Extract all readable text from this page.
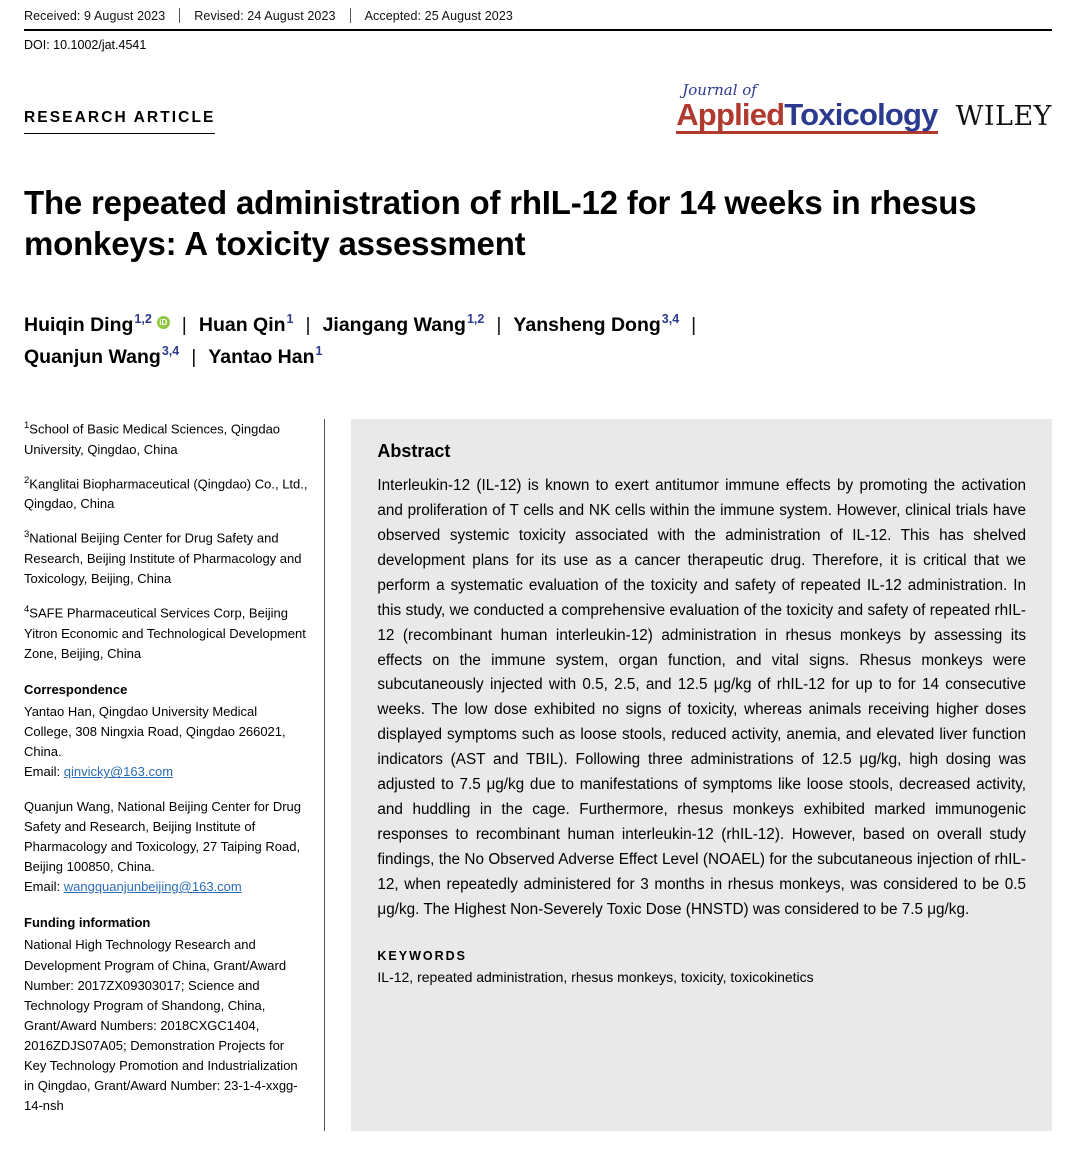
Received: 9 August 2023	Revised: 24 August 2023	Accepted: 25 August 2023
DOI: 10.1002/jat.4541
RESEARCH ARTICLE
Journal of
AppliedToxicology WILEY
The repeated administration of rhIL-12 for 14 weeks in rhesus monkeys: A toxicity assessment
Huiqin Ding$^{1,2}$ iD | Huan Qin$^1$ | Jiangang Wang$^{1,2}$ | Yansheng Dong$^{3,4}$ |
Quanjun Wang$^{3,4}$ | Yantao Han$^1$

$^1$School of Basic Medical Sciences, Qingdao University, Qingdao, China

$^2$Kanglitai Biopharmaceutical (Qingdao) Co., Ltd., Qingdao, China

$^3$National Beijing Center for Drug Safety and Research, Beijing Institute of Pharmacology and Toxicology, Beijing, China

$^4$SAFE Pharmaceutical Services Corp, Beijing Yitron Economic and Technological Development Zone, Beijing, China

Correspondence

Yantao Han, Qingdao University Medical College, 308 Ningxia Road, Qingdao 266021, China.
Email: qinvicky@163.com

Quanjun Wang, National Beijing Center for Drug Safety and Research, Beijing Institute of Pharmacology and Toxicology, 27 Taiping Road, Beijing 100850, China.
Email: wangquanjunbeijing@163.com

Funding information

National High Technology Research and Development Program of China, Grant/Award Number: 2017ZX09303017; Science and Technology Program of Shandong, China, Grant/Award Numbers: 2018CXGC1404, 2016ZDJS07A05; Demonstration Projects for Key Technology Promotion and Industrialization in Qingdao, Grant/Award Number: 23-1-4-xxgg-14-nsh

Abstract
Interleukin-12 (IL-12) is known to exert antitumor immune effects by promoting the activation and proliferation of T cells and NK cells within the immune system. However, clinical trials have observed systemic toxicity associated with the administration of IL-12. This has shelved development plans for its use as a cancer therapeutic drug. Therefore, it is critical that we perform a systematic evaluation of the toxicity and safety of repeated IL-12 administration. In this study, we conducted a comprehensive evaluation of the toxicity and safety of repeated rhIL-12 (recombinant human interleukin-12) administration in rhesus monkeys by assessing its effects on the immune system, organ function, and vital signs. Rhesus monkeys were subcutaneously injected with 0.5, 2.5, and 12.5 μg/kg of rhIL-12 for up to for 14 consecutive weeks. The low dose exhibited no signs of toxicity, whereas animals receiving higher doses displayed symptoms such as loose stools, reduced activity, anemia, and elevated liver function indicators (AST and TBIL). Following three administrations of 12.5 μg/kg, high dosing was adjusted to 7.5 μg/kg due to manifestations of symptoms like loose stools, decreased activity, and huddling in the cage. Furthermore, rhesus monkeys exhibited marked immunogenic responses to recombinant human interleukin-12 (rhIL-12). However, based on overall study findings, the No Observed Adverse Effect Level (NOAEL) for the subcutaneous injection of rhIL-12, when repeatedly administered for 3 months in rhesus monkeys, was considered to be 0.5 μg/kg. The Highest Non-Severely Toxic Dose (HNSTD) was considered to be 7.5 μg/kg.
KEYWORDS
IL-12, repeated administration, rhesus monkeys, toxicity, toxicokinetics
